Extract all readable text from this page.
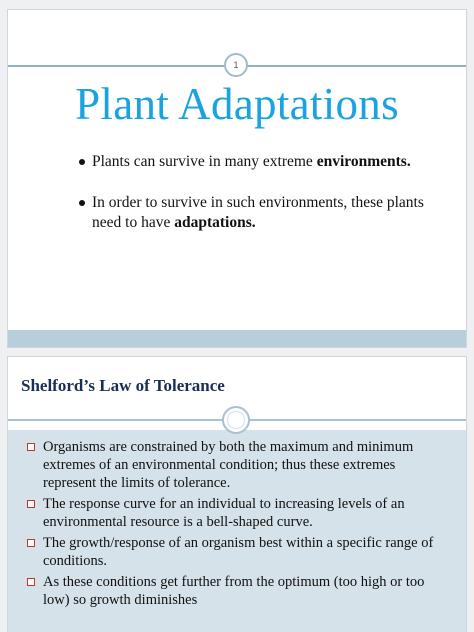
1
Plant Adaptations
Plants can survive in many extreme environments.
In order to survive in such environments, these plants need to have adaptations.
Shelford’s Law of Tolerance
Organisms are constrained by both the maximum and minimum extremes of an environmental condition; thus these extremes represent the limits of tolerance.
The response curve for an individual to increasing levels of an environmental resource is a bell-shaped curve.
The growth/response of an organism best within a specific range of conditions.
As these conditions get further from the optimum (too high or too low) so growth diminishes
